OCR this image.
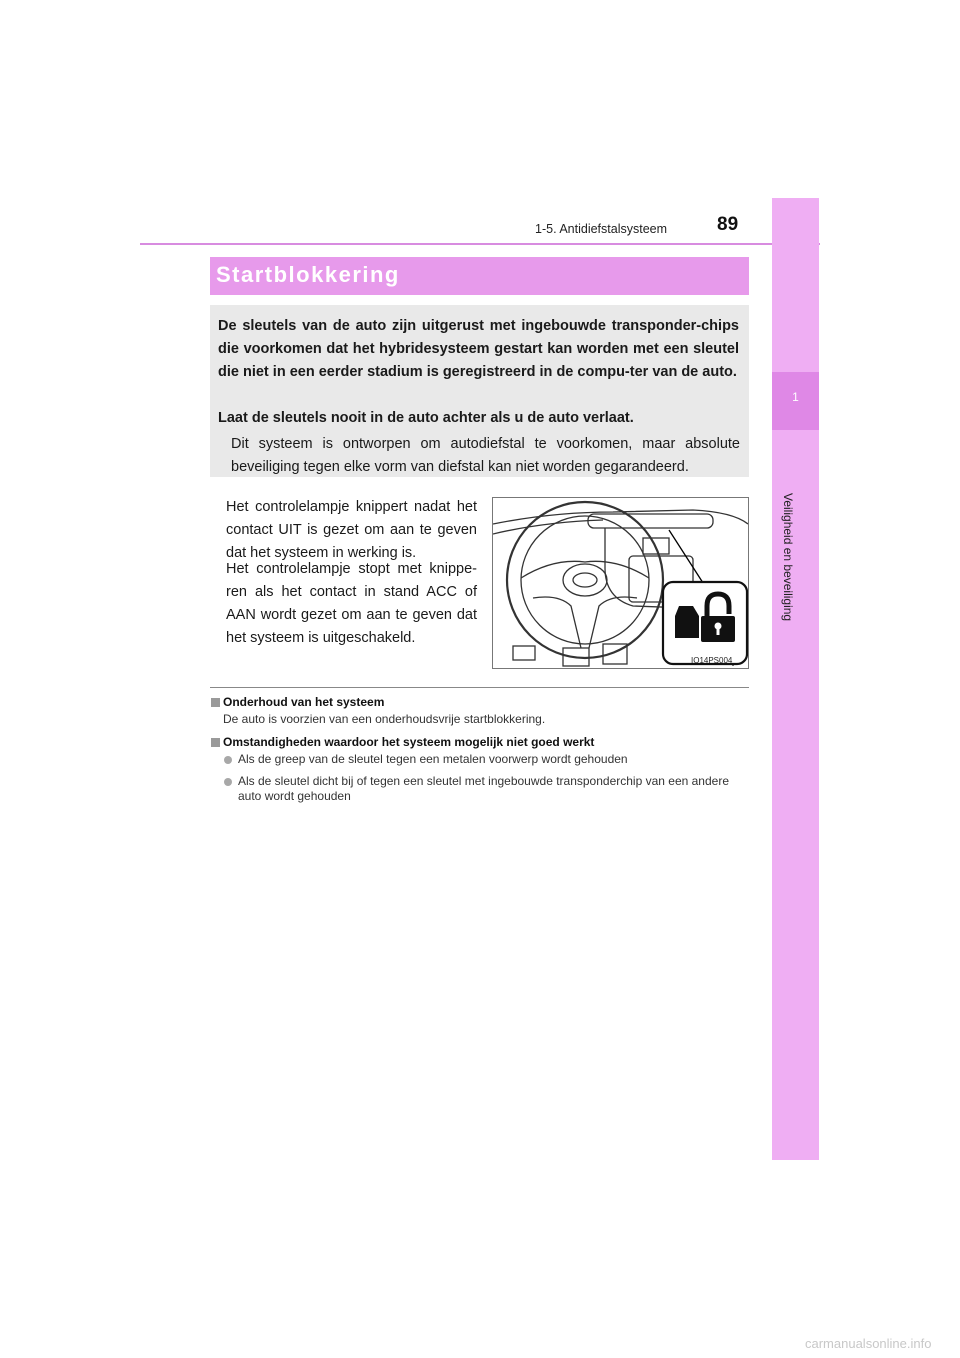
1-5. Antidiefstalsysteem	89
1
Veiligheid en beveiliging
Startblokkering

De sleutels van de auto zijn uitgerust met ingebouwde transponder-chips die voorkomen dat het hybridesysteem gestart kan worden met een sleutel die niet in een eerder stadium is geregistreerd in de compu-ter van de auto.

Laat de sleutels nooit in de auto achter als u de auto verlaat.

Dit systeem is ontworpen om autodiefstal te voorkomen, maar absolute beveiliging tegen elke vorm van diefstal kan niet worden gegarandeerd.

Het controlelampje knippert nadat het contact UIT is gezet om aan te geven dat het systeem in werking is.

Het controlelampje stopt met knippe-ren als het contact in stand ACC of AAN wordt gezet om aan te geven dat het systeem is uitgeschakeld.

IO14PS004
Onderhoud van het systeem
De auto is voorzien van een onderhoudsvrije startblokkering.
Omstandigheden waardoor het systeem mogelijk niet goed werkt
Als de greep van de sleutel tegen een metalen voorwerp wordt gehouden
Als de sleutel dicht bij of tegen een sleutel met ingebouwde transponderchip van een andere auto wordt gehouden
carmanualsonline.info
